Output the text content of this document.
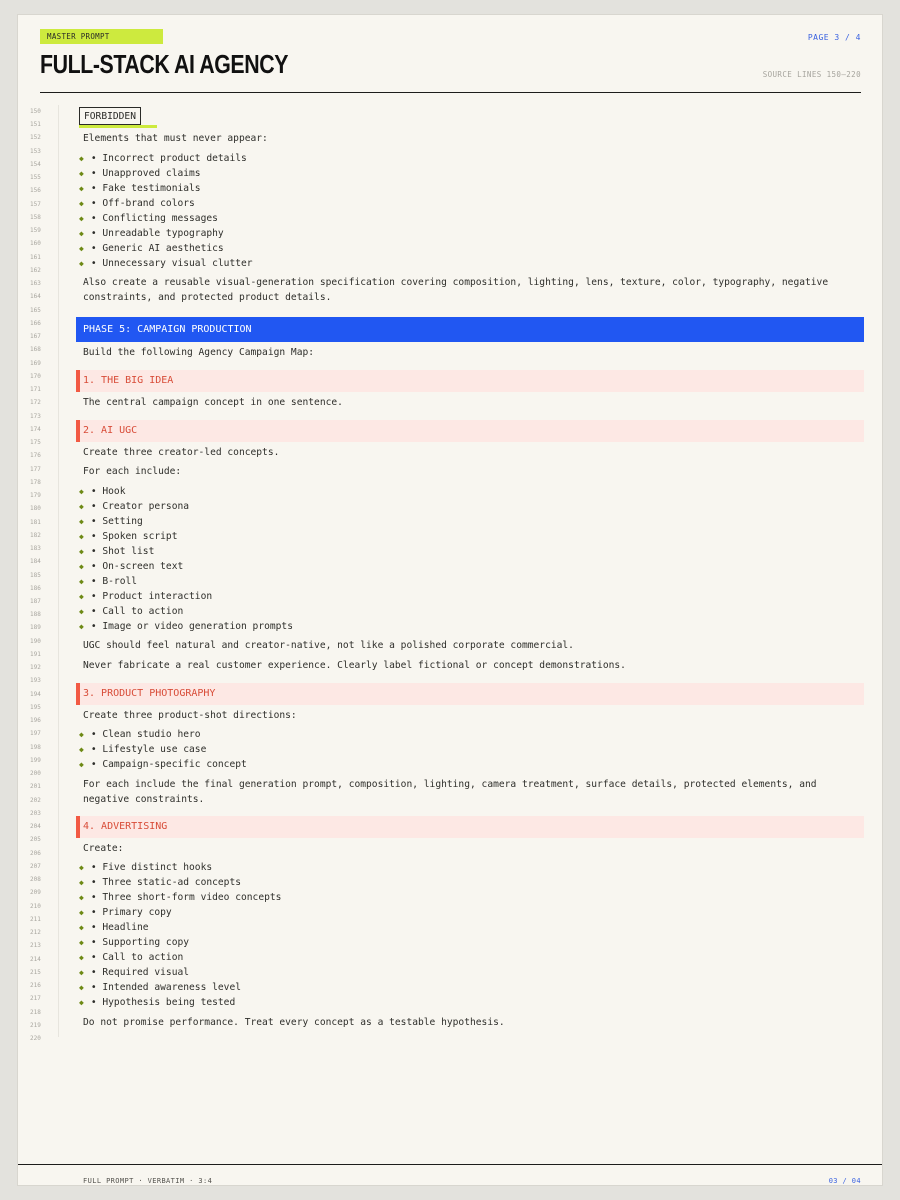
MASTER PROMPT	PAGE 3 / 4
FULL-STACK AI AGENCY	SOURCE LINES 150–220
150
151
152
153
154
155
156
157
158
159
160
161
162
163
164
165
166
167
168
169
170
171
172
173
174
175
176
177
178
179
180
181
182
183
184
185
186
187
188
189
190
191
192
193
194
195
196
197
198
199
200
201
202
203
204
205
206
207
208
209
210
211
212
213
214
215
216
217
218
219
220
FORBIDDEN
Elements that must never appear:
◆ • Incorrect product details
◆ • Unapproved claims
◆ • Fake testimonials
◆ • Off-brand colors
◆ • Conflicting messages
◆ • Unreadable typography
◆ • Generic AI aesthetics
◆ • Unnecessary visual clutter
Also create a reusable visual-generation specification covering composition, lighting, lens, texture, color, typography, negative constraints, and protected product details.
PHASE 5: CAMPAIGN PRODUCTION
Build the following Agency Campaign Map:
1. THE BIG IDEA
The central campaign concept in one sentence.
2. AI UGC
Create three creator-led concepts.
For each include:
◆ • Hook
◆ • Creator persona
◆ • Setting
◆ • Spoken script
◆ • Shot list
◆ • On-screen text
◆ • B-roll
◆ • Product interaction
◆ • Call to action
◆ • Image or video generation prompts
UGC should feel natural and creator-native, not like a polished corporate commercial.
Never fabricate a real customer experience. Clearly label fictional or concept demonstrations.
3. PRODUCT PHOTOGRAPHY
Create three product-shot directions:
◆ • Clean studio hero
◆ • Lifestyle use case
◆ • Campaign-specific concept
For each include the final generation prompt, composition, lighting, camera treatment, surface details, protected elements, and negative constraints.
4. ADVERTISING
Create:
◆ • Five distinct hooks
◆ • Three static-ad concepts
◆ • Three short-form video concepts
◆ • Primary copy
◆ • Headline
◆ • Supporting copy
◆ • Call to action
◆ • Required visual
◆ • Intended awareness level
◆ • Hypothesis being tested
Do not promise performance. Treat every concept as a testable hypothesis.
FULL PROMPT · VERBATIM · 3:4	03 / 04
